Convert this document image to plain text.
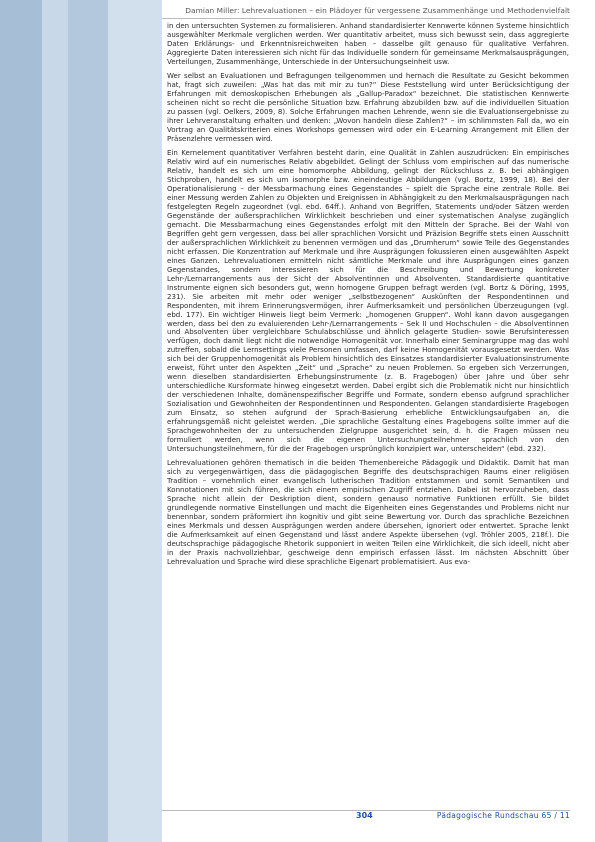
Damian Miller: Lehrevaluationen – ein Plädoyer für vergessene Zusammenhänge und Methodenvielfalt

in den untersuchten Systemen zu formalisieren. Anhand standardisierter Kennwerte können Systeme hinsichtlich ausgewählter Merkmale verglichen werden. Wer quantitativ arbeitet, muss sich bewusst sein, dass aggregierte Daten Erklärungs- und Erkenntnisreichweiten haben – dasselbe gilt genauso für qualitative Verfahren. Aggregierte Daten interessieren sich nicht für das Individuelle sondern für gemeinsame Merkmalsausprägungen, Verteilungen, Zusammenhänge, Unterschiede in der Untersuchungseinheit usw.

Wer selbst an Evaluationen und Befragungen teilgenommen und hernach die Resultate zu Gesicht bekommen hat, fragt sich zuweilen: „Was hat das mit mir zu tun?“ Diese Feststellung wird unter Berücksichtigung der Erfahrungen mit demoskopischen Erhebungen als „Gallup-Paradox“ bezeichnet. Die statistischen Kennwerte scheinen nicht so recht die persönliche Situation bzw. Erfahrung abzubilden bzw. auf die individuellen Situation zu passen (vgl. Oelkers, 2009, 8). Solche Erfahrungen machen Lehrende, wenn sie die Evaluationsergebnisse zu ihrer Lehrveranstaltung erhalten und denken: „Wovon handeln diese Zahlen?“ – im schlimmsten Fall da, wo ein Vortrag an Qualitätskriterien eines Workshops gemessen wird oder ein E-Learning Arrangement mit Ellen der Präsenzlehre vermessen wird.

Ein Kernelement quantitativer Verfahren besteht darin, eine Qualität in Zahlen auszudrücken: Ein empirisches Relativ wird auf ein numerisches Relativ abgebildet. Gelingt der Schluss vom empirischen auf das numerische Relativ, handelt es sich um eine homomorphe Abbildung, gelingt der Rückschluss z. B. bei abhängigen Stichproben, handelt es sich um isomorphe bzw. eineindeutige Abbildungen (vgl. Bortz, 1999, 18). Bei der Operationalisierung – der Messbarmachung eines Gegenstandes – spielt die Sprache eine zentrale Rolle. Bei einer Messung werden Zahlen zu Objekten und Ereignissen in Abhängigkeit zu den Merkmalsausprägungen nach festgelegten Regeln zugeordnet (vgl. ebd. 64ff.). Anhand von Begriffen, Statements und/oder Sätzen werden Gegenstände der außersprachlichen Wirklichkeit beschrieben und einer systematischen Analyse zugänglich gemacht. Die Messbarmachung eines Gegenstandes erfolgt mit den Mitteln der Sprache. Bei der Wahl von Begriffen geht gern vergessen, dass bei aller sprachlichen Vorsicht und Präzision Begriffe stets einen Ausschnitt der außersprachlichen Wirklichkeit zu benennen vermögen und das „Drumherum“ sowie Teile des Gegenstandes nicht erfassen. Die Konzentration auf Merkmale und ihre Ausprägungen fokussieren einen ausgewählten Aspekt eines Ganzen. Lehrevaluationen ermitteln nicht sämtliche Merkmale und ihre Ausprägungen eines ganzen Gegenstandes, sondern interessieren sich für die Beschreibung und Bewertung konkreter Lehr-/Lernarrangements aus der Sicht der Absolventinnen und Absolventen. Standardisierte quantitative Instrumente eignen sich besonders gut, wenn homogene Gruppen befragt werden (vgl. Bortz & Döring, 1995, 231). Sie arbeiten mit mehr oder weniger „selbstbezogenen“ Auskünften der Respondentinnen und Respondenten, mit ihrem Erinnerungsvermögen, ihrer Aufmerksamkeit und persönlichen Überzeugungen (vgl. ebd. 177). Ein wichtiger Hinweis liegt beim Vermerk: „homogenen Gruppen“. Wohl kann davon ausgegangen werden, dass bei den zu evaluierenden Lehr-/Lernarrangements – Sek II und Hochschulen – die Absolventinnen und Absolventen über vergleichbare Schulabschlüsse und ähnlich gelagerte Studien- sowie Berufsinteressen verfügen, doch damit liegt nicht die notwendige Homogenität vor. Innerhalb einer Seminargruppe mag das wohl zutreffen, sobald die Lernsettings viele Personen umfassen, darf keine Homogenität vorausgesetzt werden. Was sich bei der Gruppenhomogenität als Problem hinsichtlich des Einsatzes standardisierter Evaluationsinstrumente erweist, führt unter den Aspekten „Zeit“ und „Sprache“ zu neuen Problemen. So ergeben sich Verzerrungen, wenn dieselben standardisierten Erhebungsinstrumente (z. B. Fragebogen) über Jahre und über sehr unterschiedliche Kursformate hinweg eingesetzt werden. Dabei ergibt sich die Problematik nicht nur hinsichtlich der verschiedenen Inhalte, domänenspezifischer Begriffe und Formate, sondern ebenso aufgrund sprachlicher Sozialisation und Gewohnheiten der Respondentinnen und Respondenten. Gelangen standardisierte Fragebogen zum Einsatz, so stehen aufgrund der Sprach-Basierung erhebliche Entwicklungsaufgaben an, die erfahrungsgemäß nicht geleistet werden. „Die sprachliche Gestaltung eines Fragebogens sollte immer auf die Sprachgewohnheiten der zu untersuchenden Zielgruppe ausgerichtet sein, d. h. die Fragen müssen neu formuliert werden, wenn sich die eigenen Untersuchungsteilnehmer sprachlich von den Untersuchungsteilnehmern, für die der Fragebogen ursprünglich konzipiert war, unterscheiden“ (ebd. 232).

Lehrevaluationen gehören thematisch in die beiden Themenbereiche Pädagogik und Didaktik. Damit hat man sich zu vergegenwärtigen, dass die pädagogischen Begriffe des deutschsprachigen Raums einer religiösen Tradition – vornehmlich einer evangelisch lutherischen Tradition entstammen und somit Semantiken und Konnotationen mit sich führen, die sich einem empirischen Zugriff entziehen. Dabei ist hervorzuheben, dass Sprache nicht allein der Deskription dient, sondern genauso normative Funktionen erfüllt. Sie bildet grundlegende normative Einstellungen und macht die Eigenheiten eines Gegenstandes und Problems nicht nur benennbar, sondern präformiert ihn kognitiv und gibt seine Bewertung vor. Durch das sprachliche Bezeichnen eines Merkmals und dessen Ausprägungen werden andere übersehen, ignoriert oder entwertet. Sprache lenkt die Aufmerksamkeit auf einen Gegenstand und lässt andere Aspekte übersehen (vgl. Tröhler 2005, 218f.). Die deutschsprachige pädagogische Rhetorik supponiert in weiten Teilen eine Wirklichkeit, die sich ideell, nicht aber in der Praxis nachvollziehbar, geschweige denn empirisch erfassen lässt. Im nächsten Abschnitt über Lehrevaluation und Sprache wird diese sprachliche Eigenart problematisiert. Aus eva-

304	Pädagogische Rundschau 65 / 11
